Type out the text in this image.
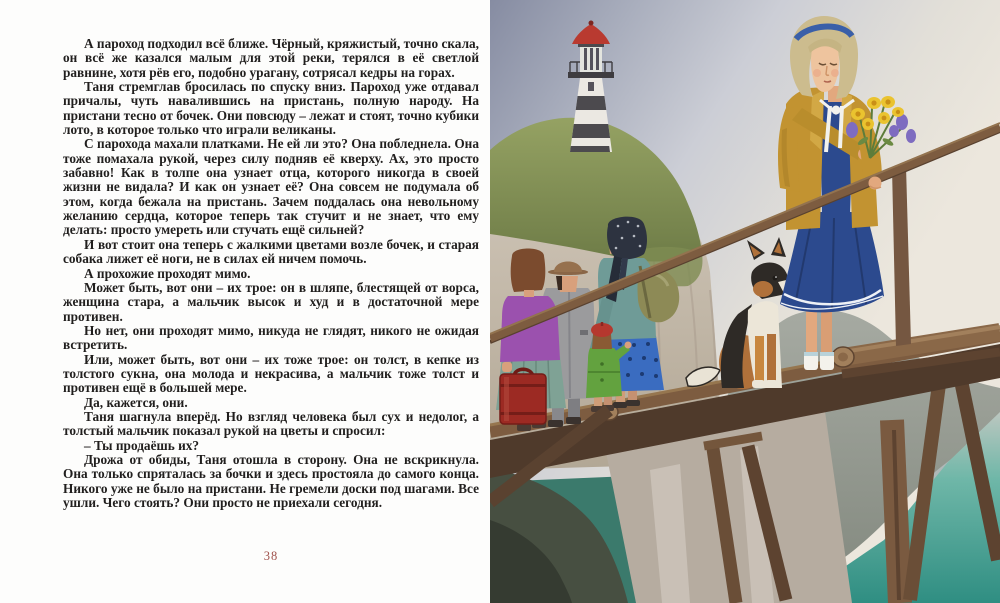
А пароход подходил всё ближе. Чёрный, кряжистый, точно скала, он всё же казался малым для этой реки, терялся в её светлой равнине, хотя рёв его, подобно урагану, сотрясал кедры на горах.

Таня стремглав бросилась по спуску вниз. Пароход уже отдавал причалы, чуть навалившись на пристань, полную народу. На пристани тесно от бочек. Они повсюду – лежат и стоят, точно кубики лото, в которое только что играли великаны.

С парохода махали платками. Не ей ли это? Она побледнела. Она тоже помахала рукой, через силу подняв её кверху. Ах, это просто забавно! Как в толпе она узнает отца, которого никогда в своей жизни не видала? И как он узнает её? Она совсем не подумала об этом, когда бежала на пристань. Зачем поддалась она невольному желанию сердца, которое теперь так стучит и не знает, что ему делать: просто умереть или стучать ещё сильней?

И вот стоит она теперь с жалкими цветами возле бочек, и старая собака лижет её ноги, не в силах ей ничем помочь.

А прохожие проходят мимо.

Может быть, вот они – их трое: он в шляпе, блестящей от ворса, женщина стара, а мальчик высок и худ и в достаточной мере противен.

Но нет, они проходят мимо, никуда не глядят, никого не ожидая встретить.

Или, может быть, вот они – их тоже трое: он толст, в кепке из толстого сукна, она молода и некрасива, а мальчик тоже толст и противен ещё в большей мере.

Да, кажется, они.

Таня шагнула вперёд. Но взгляд человека был сух и недолог, а толстый мальчик показал рукой на цветы и спросил:

– Ты продаёшь их?

Дрожа от обиды, Таня отошла в сторону. Она не вскрикнула. Она только спряталась за бочки и здесь простояла до самого конца. Никого уже не было на пристани. Не гремели доски под шагами. Все ушли. Чего стоять? Они просто не приехали сегодня.

38
